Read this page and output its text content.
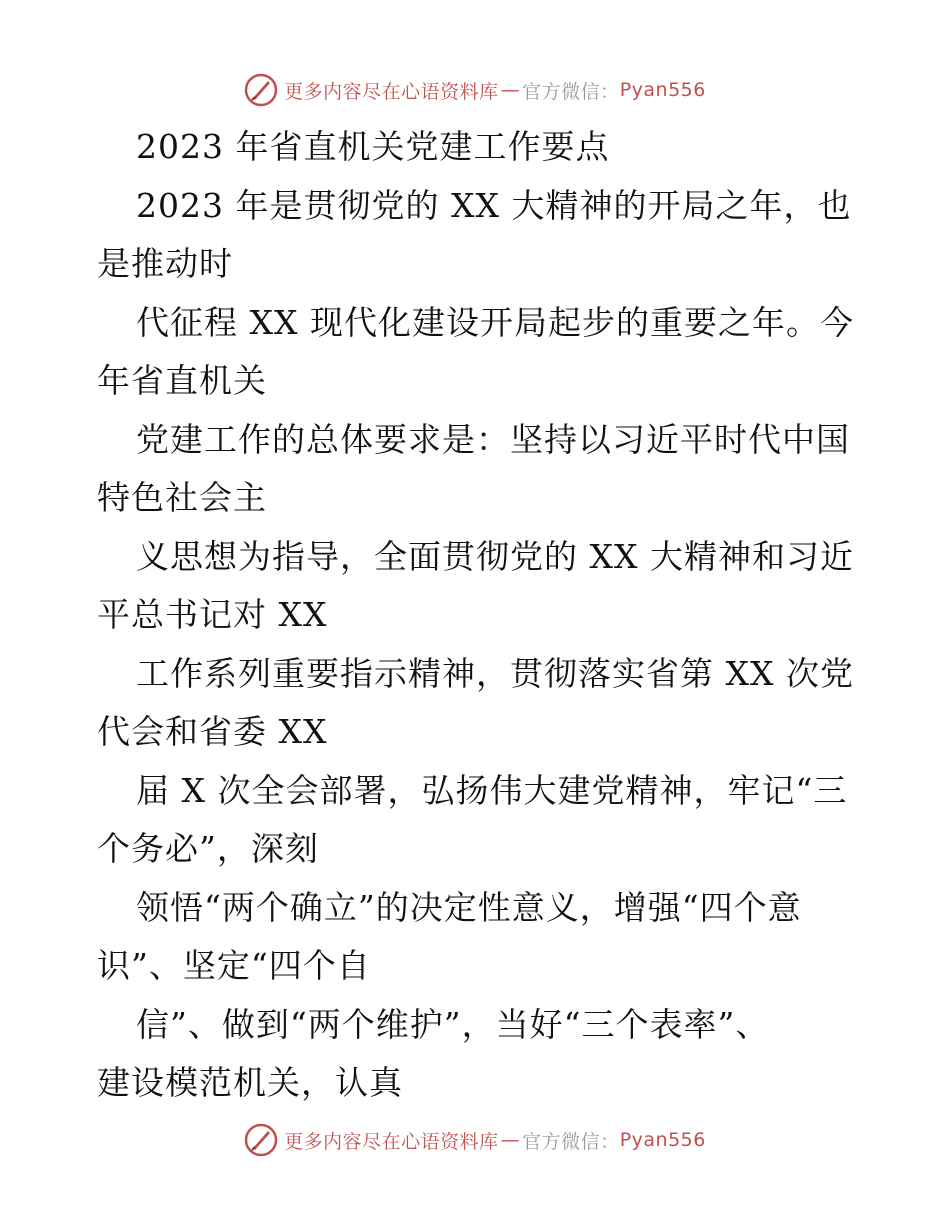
更多内容尽在心语资料库 — 官方微信： Pyan556
2023 年省直机关党建工作要点
2023 年是贯彻党的 XX 大精神的开局之年，也
是推动时
代征程 XX 现代化建设开局起步的重要之年。今
年省直机关
党建工作的总体要求是：坚持以习近平时代中国
特色社会主
义思想为指导，全面贯彻党的 XX 大精神和习近
平总书记对 XX
工作系列重要指示精神，贯彻落实省第 XX 次党
代会和省委 XX
届 X 次全会部署，弘扬伟大建党精神，牢记“三
个务必”，深刻
领悟“两个确立”的决定性意义，增强“四个意
识”、坚定“四个自
信”、做到“两个维护”，当好“三个表率”、
建设模范机关，认真
更多内容尽在心语资料库 — 官方微信： Pyan556
